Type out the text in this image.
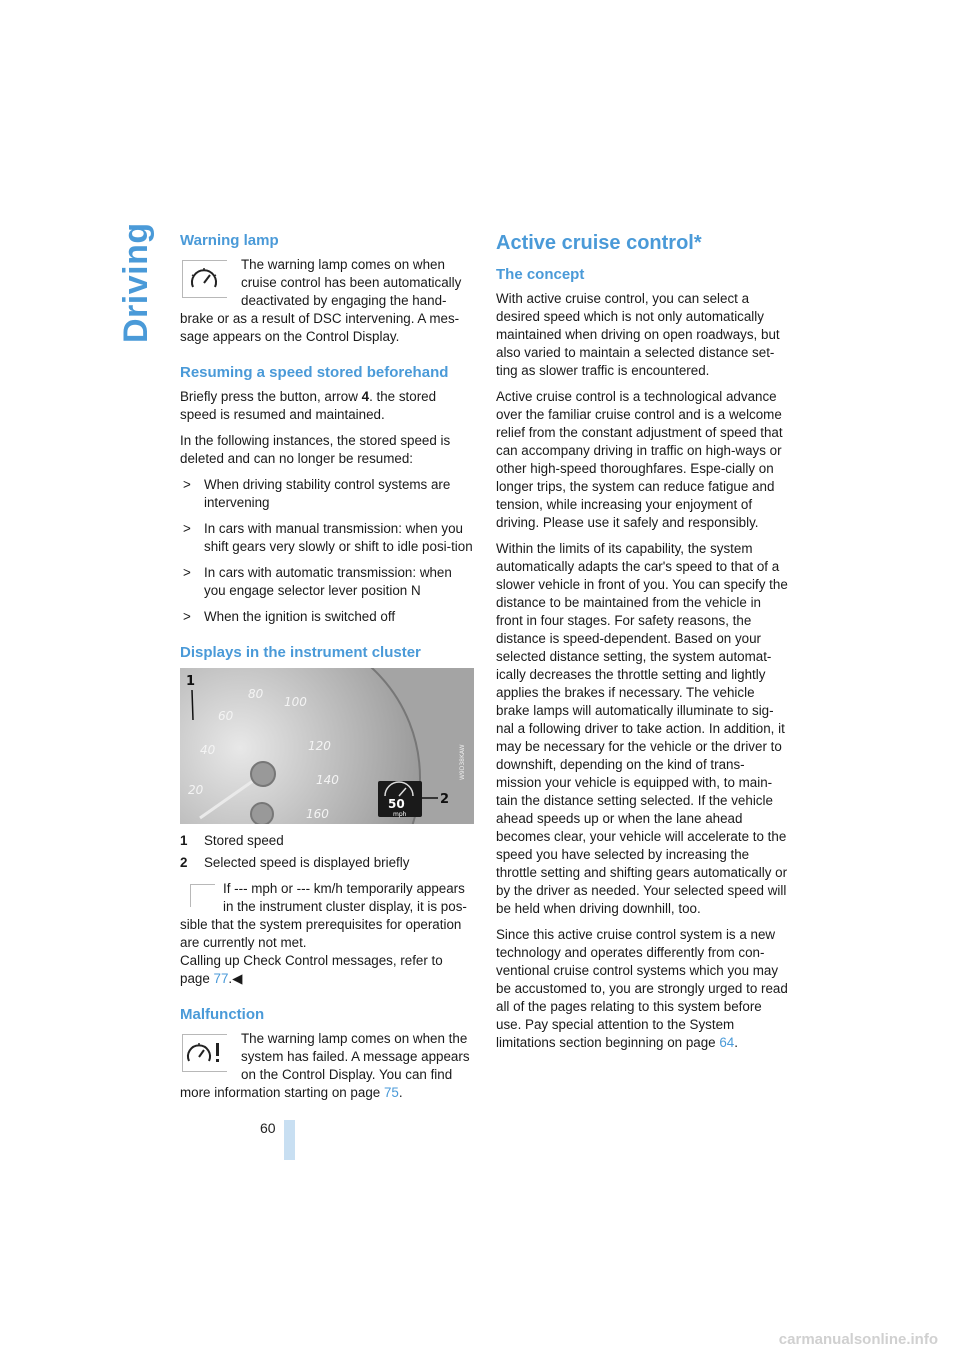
Driving Warning lamp
The warning lamp comes on when cruise control has been automatically deactivated by engaging the hand-brake or as a result of DSC intervening. A mes-sage appears on the Control Display.
Resuming a speed stored beforehand

Briefly press the button, arrow 4. the stored speed is resumed and maintained.

In the following instances, the stored speed is deleted and can no longer be resumed:

> When driving stability control systems are intervening
> In cars with manual transmission: when you shift gears very slowly or shift to idle posi-tion
> In cars with automatic transmission: when you engage selector lever position N
> When the ignition is switched off
Displays in the instrument cluster
20
40
60
80
100
120
140
160
50
mph
2
1
W9D38KAW
1 Stored speed
2 Selected speed is displayed briefly
If --- mph or --- km/h temporarily appears in the instrument cluster display, it is pos-sible that the system prerequisites for operation are currently not met.
Calling up Check Control messages, refer to page 77.◀
Malfunction
The warning lamp comes on when the system has failed. A message appears on the Control Display. You can find more information starting on page 75.
Active cruise control*
The concept

With active cruise control, you can select a desired speed which is not only automatically maintained when driving on open roadways, but also varied to maintain a selected distance set-ting as slower traffic is encountered.

Active cruise control is a technological advance over the familiar cruise control and is a welcome relief from the constant adjustment of speed that can accompany driving in traffic on high-ways or other high-speed thoroughfares. Espe-cially on longer trips, the system can reduce fatigue and tension, while increasing your enjoyment of driving. Please use it safely and responsibly.

Within the limits of its capability, the system automatically adapts the car's speed to that of a slower vehicle in front of you. You can specify the distance to be maintained from the vehicle in front in four stages. For safety reasons, the distance is speed-dependent. Based on your selected distance setting, the system automat-ically decreases the throttle setting and lightly applies the brakes if necessary. The vehicle brake lamps will automatically illuminate to sig-nal a following driver to take action. In addition, it may be necessary for the vehicle or the driver to downshift, depending on the kind of trans-mission your vehicle is equipped with, to main-tain the distance setting selected. If the vehicle ahead speeds up or when the lane ahead becomes clear, your vehicle will accelerate to the speed you have selected by increasing the throttle setting and shifting gears automatically or by the driver as needed. Your selected speed will be held when driving downhill, too.

Since this active cruise control system is a new technology and operates differently from con-ventional cruise control systems which you may be accustomed to, you are strongly urged to read all of the pages relating to this system before use. Pay special attention to the System limitations section beginning on page 64.

60
carmanualsonline.info
